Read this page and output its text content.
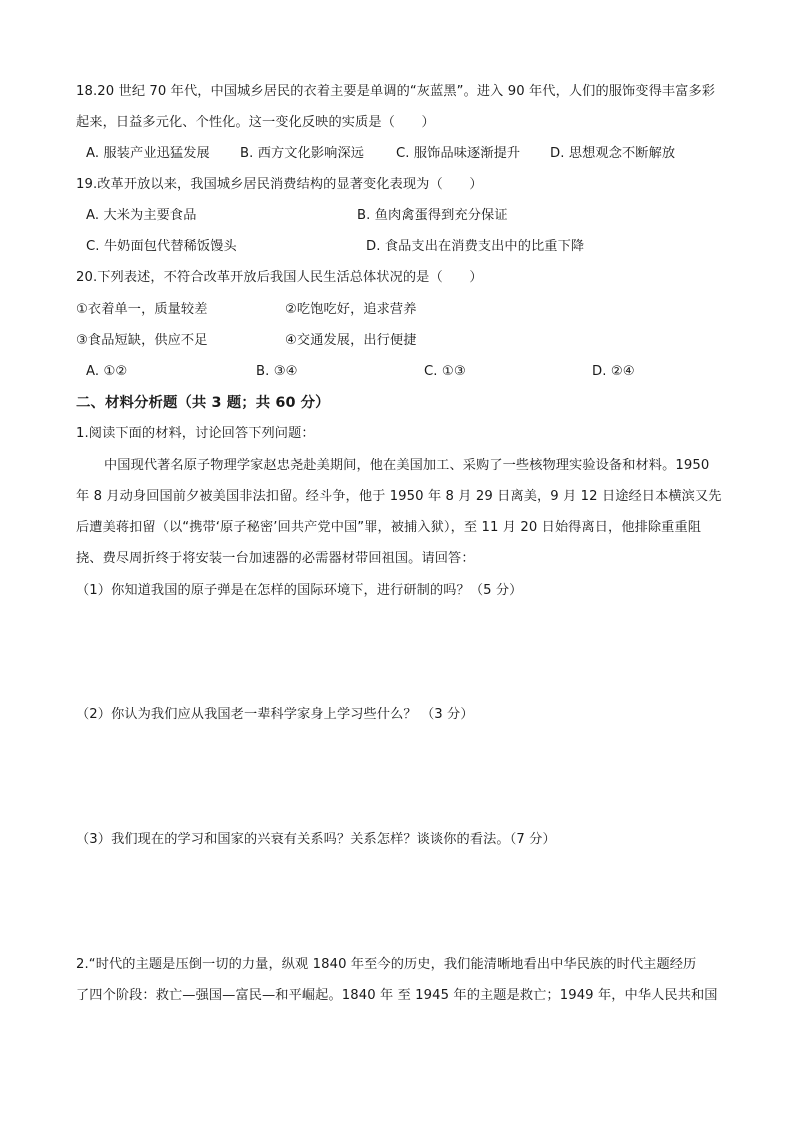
18.20 世纪 70 年代，中国城乡居民的衣着主要是单调的“灰蓝黑”。进入 90 年代，人们的服饰变得丰富多彩
起来，日益多元化、个性化。这一变化反映的实质是（　　）
A. 服装产业迅猛发展 B. 西方文化影响深远 C. 服饰品味逐渐提升 D. 思想观念不断解放
19.改革开放以来，我国城乡居民消费结构的显著变化表现为（　　）
A. 大米为主要食品	B. 鱼肉禽蛋得到充分保证
C. 牛奶面包代替稀饭馒头	D. 食品支出在消费支出中的比重下降
20.下列表述，不符合改革开放后我国人民生活总体状况的是（　　）
①衣着单一，质量较差	②吃饱吃好，追求营养
③食品短缺，供应不足	④交通发展，出行便捷
A. ①②	B. ③④	C. ①③	D. ②④
二、材料分析题（共 3 题；共 60 分）
1.阅读下面的材料，讨论回答下列问题：
中国现代著名原子物理学家赵忠尧赴美期间，他在美国加工、采购了一些核物理实验设备和材料。1950
年 8 月动身回国前夕被美国非法扣留。经斗争，他于 1950 年 8 月 29 日离美，9 月 12 日途经日本横滨又先
后遭美蒋扣留（以“携带‘原子秘密’回共产党中国”罪，被捕入狱），至 11 月 20 日始得离日，他排除重重阻
挠、费尽周折终于将安装一台加速器的必需器材带回祖国。请回答：
（1）你知道我国的原子弹是在怎样的国际环境下，进行研制的吗？（5 分）
（2）你认为我们应从我国老一辈科学家身上学习些什么？ （3 分）
（3）我们现在的学习和国家的兴衰有关系吗？关系怎样？谈谈你的看法。（7 分）
2.“时代的主题是压倒一切的力量，纵观 1840 年至今的历史，我们能清晰地看出中华民族的时代主题经历
了四个阶段：救亡—强国—富民—和平崛起。1840 年 至 1945 年的主题是救亡；1949 年，中华人民共和国
